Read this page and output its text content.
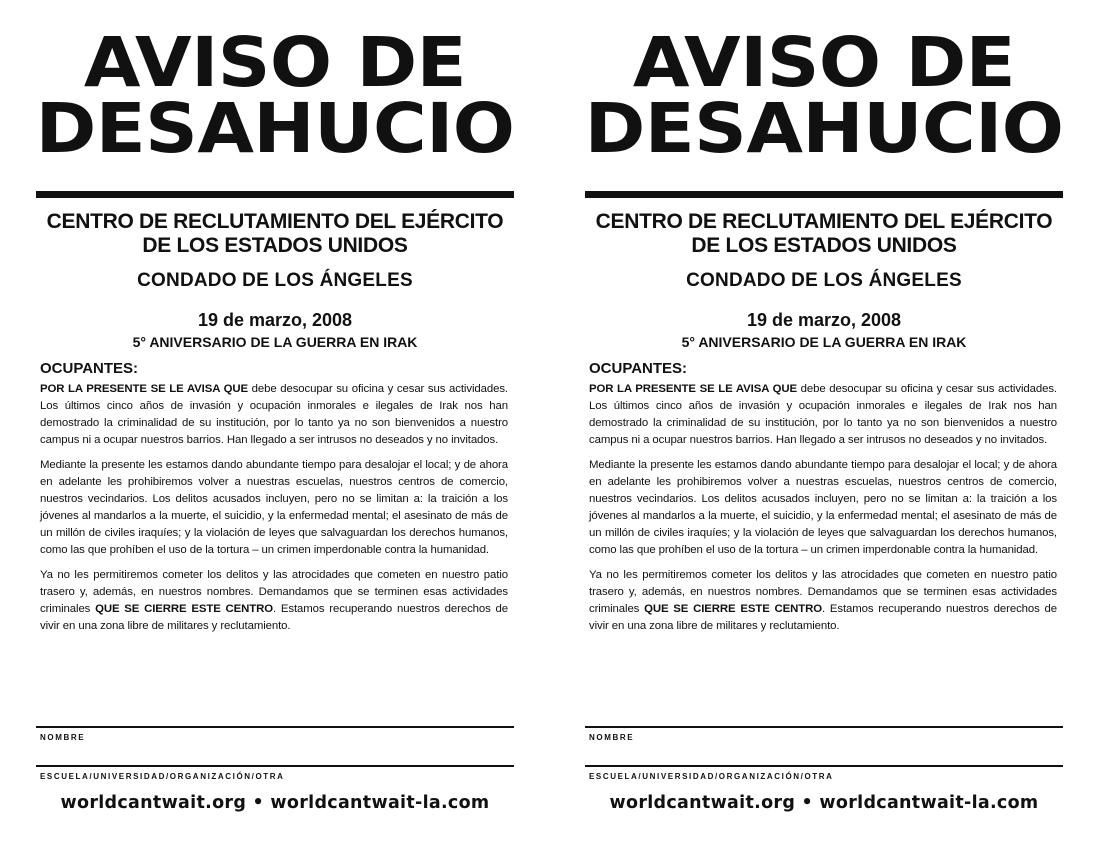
AVISO DE
DESAHUCIO
CENTRO DE RECLUTAMIENTO DEL EJÉRCITO
DE LOS ESTADOS UNIDOS
CONDADO DE LOS ÁNGELES
19 de marzo, 2008
5° ANIVERSARIO DE LA GUERRA EN IRAK
OCUPANTES:

POR LA PRESENTE SE LE AVISA QUE debe desocupar su oficina y cesar sus actividades. Los últimos cinco años de invasión y ocupación inmorales e ilegales de Irak nos han demostrado la criminalidad de su institución, por lo tanto ya no son bienvenidos a nuestro campus ni a ocupar nuestros barrios. Han llegado a ser intrusos no deseados y no invitados.

Mediante la presente les estamos dando abundante tiempo para desalojar el local; y de ahora en adelante les prohibiremos volver a nuestras escuelas, nuestros centros de comercio, nuestros vecindarios. Los delitos acusados incluyen, pero no se limitan a: la traición a los jóvenes al mandarlos a la muerte, el suicidio, y la enfermedad mental; el asesinato de más de un millón de civiles iraquíes; y la violación de leyes que salvaguardan los derechos humanos, como las que prohíben el uso de la tortura – un crimen imperdonable contra la humanidad.

Ya no les permitiremos cometer los delitos y las atrocidades que cometen en nuestro patio trasero y, además, en nuestros nombres. Demandamos que se terminen esas actividades criminales QUE SE CIERRE ESTE CENTRO. Estamos recuperando nuestros derechos de vivir en una zona libre de militares y reclutamiento.

NOMBRE
ESCUELA/UNIVERSIDAD/ORGANIZACIÓN/OTRA
worldcantwait.org • worldcantwait-la.com
AVISO DE
DESAHUCIO
CENTRO DE RECLUTAMIENTO DEL EJÉRCITO
DE LOS ESTADOS UNIDOS
CONDADO DE LOS ÁNGELES
19 de marzo, 2008
5° ANIVERSARIO DE LA GUERRA EN IRAK
OCUPANTES:

POR LA PRESENTE SE LE AVISA QUE debe desocupar su oficina y cesar sus actividades. Los últimos cinco años de invasión y ocupación inmorales e ilegales de Irak nos han demostrado la criminalidad de su institución, por lo tanto ya no son bienvenidos a nuestro campus ni a ocupar nuestros barrios. Han llegado a ser intrusos no deseados y no invitados.

Mediante la presente les estamos dando abundante tiempo para desalojar el local; y de ahora en adelante les prohibiremos volver a nuestras escuelas, nuestros centros de comercio, nuestros vecindarios. Los delitos acusados incluyen, pero no se limitan a: la traición a los jóvenes al mandarlos a la muerte, el suicidio, y la enfermedad mental; el asesinato de más de un millón de civiles iraquíes; y la violación de leyes que salvaguardan los derechos humanos, como las que prohíben el uso de la tortura – un crimen imperdonable contra la humanidad.

Ya no les permitiremos cometer los delitos y las atrocidades que cometen en nuestro patio trasero y, además, en nuestros nombres. Demandamos que se terminen esas actividades criminales QUE SE CIERRE ESTE CENTRO. Estamos recuperando nuestros derechos de vivir en una zona libre de militares y reclutamiento.

NOMBRE
ESCUELA/UNIVERSIDAD/ORGANIZACIÓN/OTRA
worldcantwait.org • worldcantwait-la.com
